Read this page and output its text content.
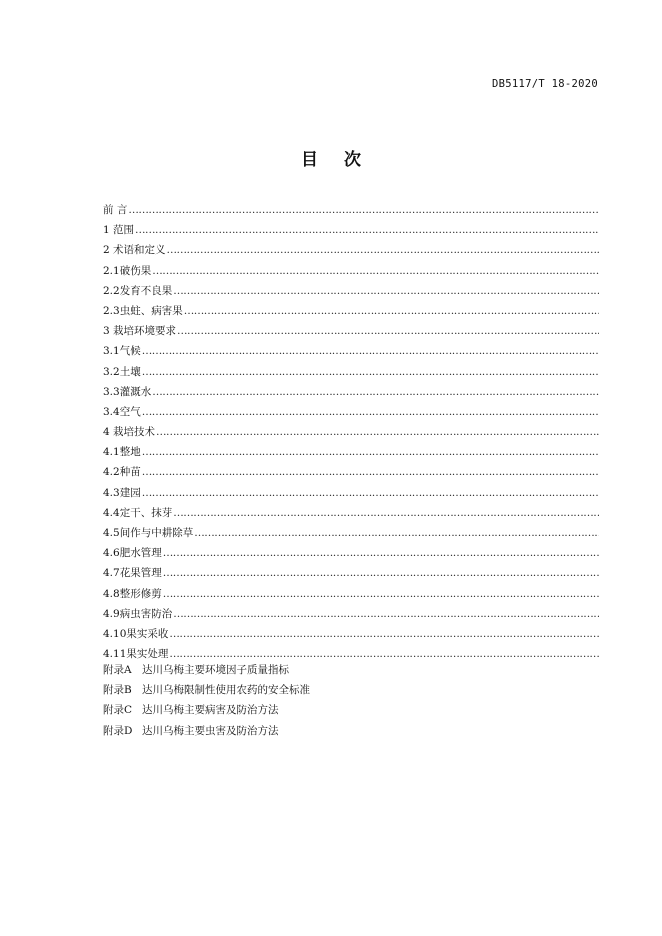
DB5117/T 18-2020
目 次
前 言
……………………………………………………………………………………………………………………………………………………………………………………………
1 范围
……………………………………………………………………………………………………………………………………………………………………………………………
2 术语和定义
……………………………………………………………………………………………………………………………………………………………………………………………
2.1破伤果
……………………………………………………………………………………………………………………………………………………………………………………………
2.2发育不良果
……………………………………………………………………………………………………………………………………………………………………………………………
2.3虫蛀、病害果
……………………………………………………………………………………………………………………………………………………………………………………………
3 栽培环境要求
……………………………………………………………………………………………………………………………………………………………………………………………
3.1气候
……………………………………………………………………………………………………………………………………………………………………………………………
3.2土壤
……………………………………………………………………………………………………………………………………………………………………………………………
3.3灌溉水
……………………………………………………………………………………………………………………………………………………………………………………………
3.4空气
……………………………………………………………………………………………………………………………………………………………………………………………
4 栽培技术
……………………………………………………………………………………………………………………………………………………………………………………………
4.1整地
……………………………………………………………………………………………………………………………………………………………………………………………
4.2种苗
……………………………………………………………………………………………………………………………………………………………………………………………
4.3建园
……………………………………………………………………………………………………………………………………………………………………………………………
4.4定干、抹芽
……………………………………………………………………………………………………………………………………………………………………………………………
4.5间作与中耕除草
……………………………………………………………………………………………………………………………………………………………………………………………
4.6肥水管理
……………………………………………………………………………………………………………………………………………………………………………………………
4.7花果管理
……………………………………………………………………………………………………………………………………………………………………………………………
4.8整形修剪
……………………………………………………………………………………………………………………………………………………………………………………………
4.9病虫害防治
……………………………………………………………………………………………………………………………………………………………………………………………
4.10果实采收
……………………………………………………………………………………………………………………………………………………………………………………………
4.11果实处理
……………………………………………………………………………………………………………………………………………………………………………………………
附录A 达川乌梅主要环境因子质量指标
附录B 达川乌梅限制性使用农药的安全标准
附录C 达川乌梅主要病害及防治方法
附录D 达川乌梅主要虫害及防治方法
